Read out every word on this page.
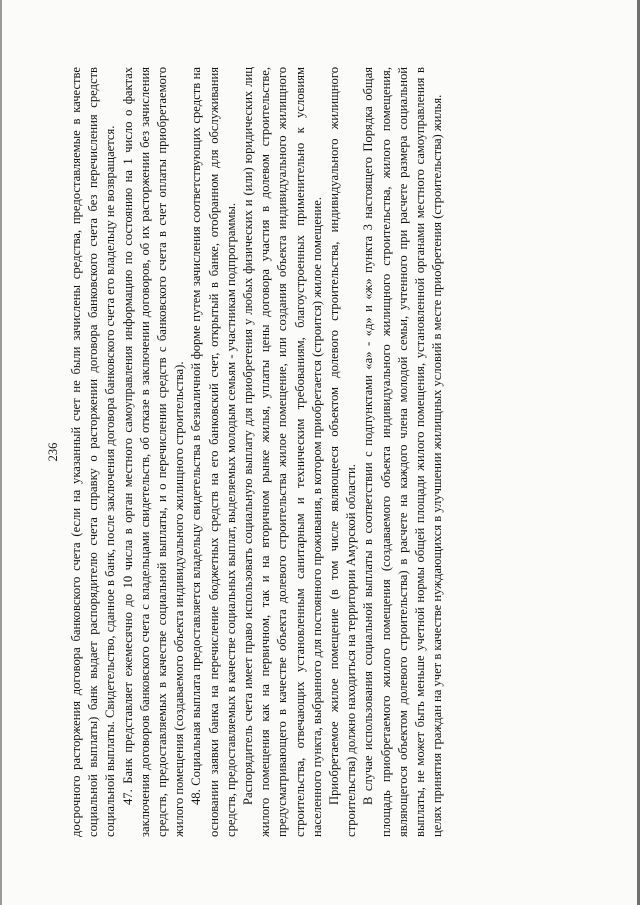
236 досрочного расторжения договора банковского счета (если на указанный счет не были зачислены средства, предоставляемые в качестве социальной выплаты) банк выдает распорядителю счета справку о расторжении договора банковского счета без перечисления средств социальной выплаты. Свидетельство, сданное в банк, после заключения договора банковского счета его владельцу не возвращается. 47. Банк представляет ежемесячно до 10 числа в орган местного самоуправления информацию по состоянию на 1 число о фактах заключения договоров банковского счета с владельцами свидетельств, об отказе в заключении договоров, об их расторжении без зачисления средств, предоставляемых в качестве социальной выплаты, и о перечислении средств с банковского счета в счет оплаты приобретаемого жилого помещения (создаваемого объекта индивидуального жилищного строительства). 48. Социальная выплата предоставляется владельцу свидетельства в безналичной форме путем зачисления соответствующих средств на основании заявки банка на перечисление бюджетных средств на его банковский счет, открытый в банке, отобранном для обслуживания средств, предоставляемых в качестве социальных выплат, выделяемых молодым семьям - участникам подпрограммы. Распорядитель счета имеет право использовать социальную выплату для приобретения у любых физических и (или) юридических лиц жилого помещения как на первичном, так и на вторичном рынке жилья, уплаты цены договора участия в долевом строительстве, предусматривающего в качестве объекта долевого строительства жилое помещение, или создания объекта индивидуального жилищного строительства, отвечающих установленным санитарным и техническим требованиям, благоустроенных применительно к условиям населенного пункта, выбранного для постоянного проживания, в котором приобретается (строится) жилое помещение. Приобретаемое жилое помещение (в том числе являющееся объектом долевого строительства, индивидуального жилищного строительства) должно находиться на территории Амурской области. В случае использования социальной выплаты в соответствии с подпунктами «а» - «д» и «ж» пункта 3 настоящего Порядка общая площадь приобретаемого жилого помещения (создаваемого объекта индивидуального жилищного строительства, жилого помещения, являющегося объектом долевого строительства) в расчете на каждого члена молодой семьи, учтенного при расчете размера социальной выплаты, не может быть меньше учетной нормы общей площади жилого помещения, установленной органами местного самоуправления в целях принятия граждан на учет в качестве нуждающихся в улучшении жилищных условий в месте приобретения (строительства) жилья.
